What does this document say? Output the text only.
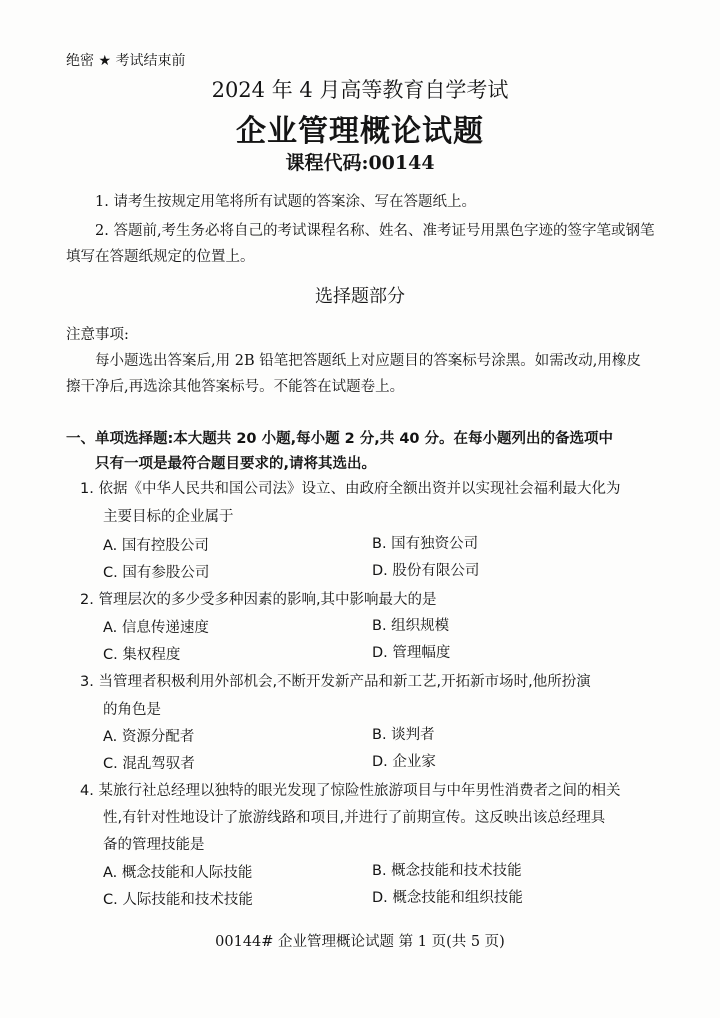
绝密 ★ 考试结束前
2024 年 4 月高等教育自学考试
企业管理概论试题
课程代码:00144
1. 请考生按规定用笔将所有试题的答案涂、写在答题纸上。
2. 答题前,考生务必将自己的考试课程名称、姓名、准考证号用黑色字迹的签字笔或钢笔
填写在答题纸规定的位置上。
选择题部分
注意事项:
每小题选出答案后,用 2B 铅笔把答题纸上对应题目的答案标号涂黑。如需改动,用橡皮
擦干净后,再选涂其他答案标号。不能答在试题卷上。
一、单项选择题:本大题共 20 小题,每小题 2 分,共 40 分。在每小题列出的备选项中
只有一项是最符合题目要求的,请将其选出。
1. 依据《中华人民共和国公司法》设立、由政府全额出资并以实现社会福利最大化为
主要目标的企业属于
A. 国有控股公司	B. 国有独资公司
C. 国有参股公司	D. 股份有限公司
2. 管理层次的多少受多种因素的影响,其中影响最大的是
A. 信息传递速度	B. 组织规模
C. 集权程度	D. 管理幅度
3. 当管理者积极利用外部机会,不断开发新产品和新工艺,开拓新市场时,他所扮演
的角色是
A. 资源分配者	B. 谈判者
C. 混乱驾驭者	D. 企业家
4. 某旅行社总经理以独特的眼光发现了惊险性旅游项目与中年男性消费者之间的相关
性,有针对性地设计了旅游线路和项目,并进行了前期宣传。这反映出该总经理具
备的管理技能是
A. 概念技能和人际技能	B. 概念技能和技术技能
C. 人际技能和技术技能	D. 概念技能和组织技能
00144# 企业管理概论试题 第 1 页(共 5 页)
